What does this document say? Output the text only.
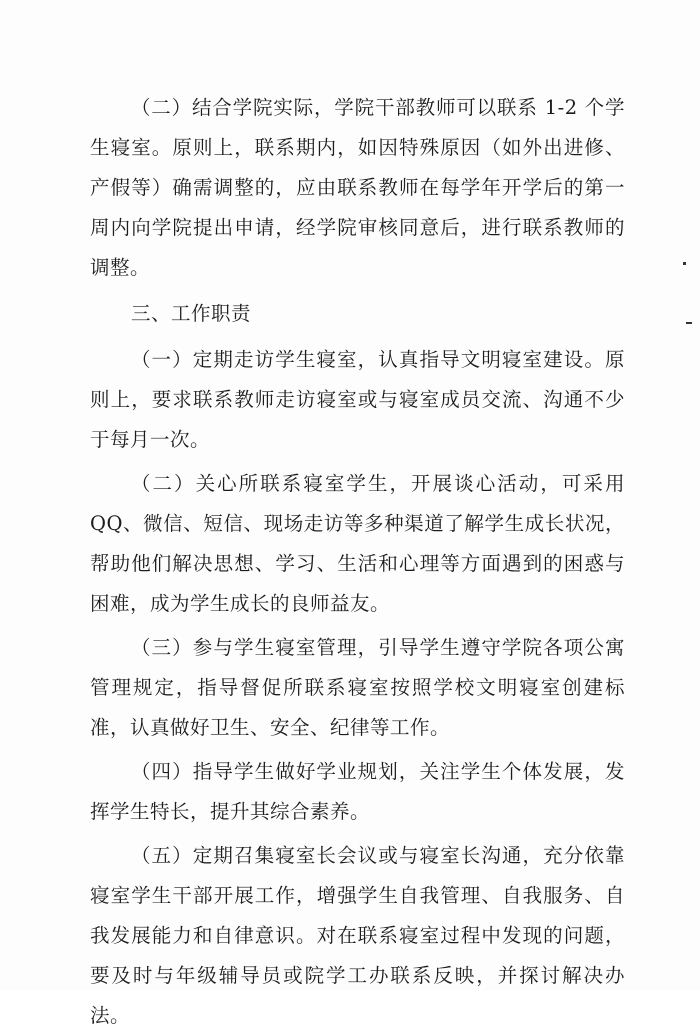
（二）结合学院实际，学院干部教师可以联系 1-2 个学生寝室。原则上，联系期内，如因特殊原因（如外出进修、产假等）确需调整的，应由联系教师在每学年开学后的第一周内向学院提出申请，经学院审核同意后，进行联系教师的调整。

三、工作职责

（一）定期走访学生寝室，认真指导文明寝室建设。原则上，要求联系教师走访寝室或与寝室成员交流、沟通不少于每月一次。

（二）关心所联系寝室学生，开展谈心活动，可采用 QQ、微信、短信、现场走访等多种渠道了解学生成长状况，帮助他们解决思想、学习、生活和心理等方面遇到的困惑与困难，成为学生成长的良师益友。

（三）参与学生寝室管理，引导学生遵守学院各项公寓管理规定，指导督促所联系寝室按照学校文明寝室创建标准，认真做好卫生、安全、纪律等工作。

（四）指导学生做好学业规划，关注学生个体发展，发挥学生特长，提升其综合素养。

（五）定期召集寝室长会议或与寝室长沟通，充分依靠寝室学生干部开展工作，增强学生自我管理、自我服务、自我发展能力和自律意识。对在联系寝室过程中发现的问题，要及时与年级辅导员或院学工办联系反映，并探讨解决办法。
